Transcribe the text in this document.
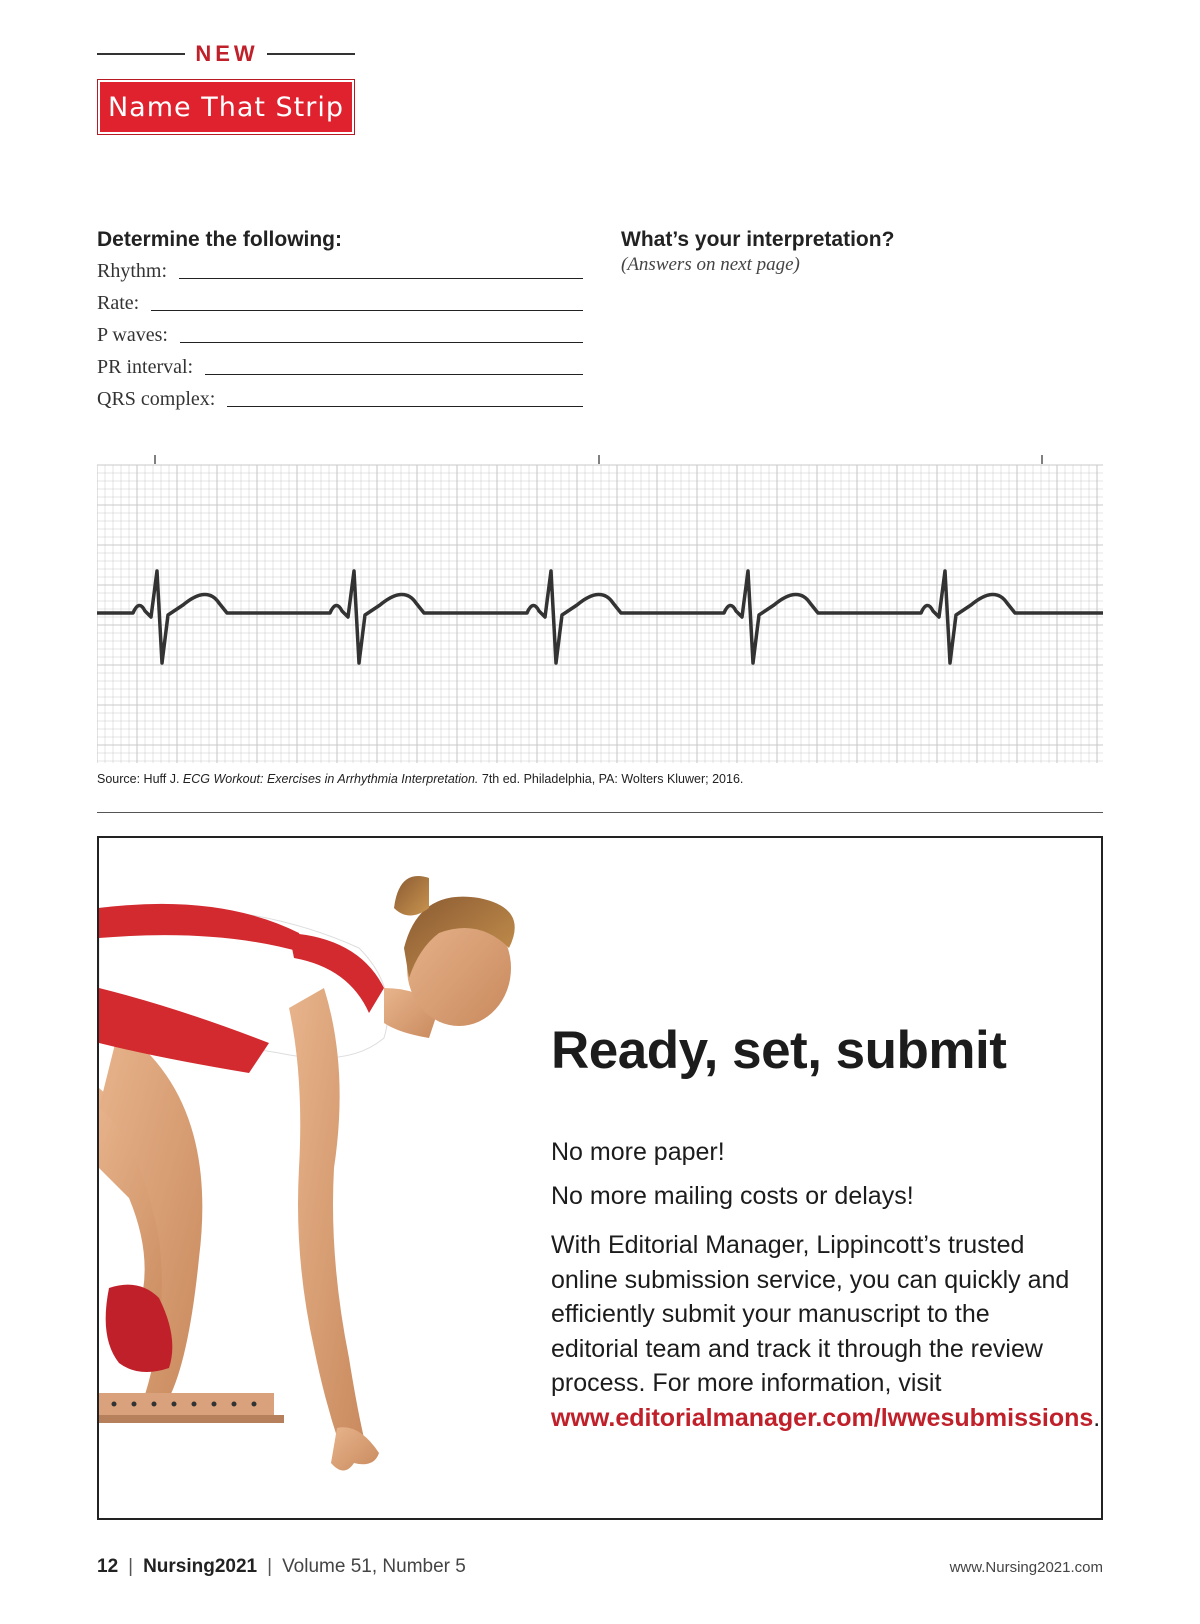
NEW
Name That Strip
Determine the following:
Rhythm:
Rate:
P waves:
PR interval:
QRS complex:
What’s your interpretation?
(Answers on next page)
Source: Huff J. ECG Workout: Exercises in Arrhythmia Interpretation. 7th ed. Philadelphia, PA: Wolters Kluwer; 2016.
Ready, set, submit
No more paper!
No more mailing costs or delays!
With Editorial Manager, Lippincott’s trusted online submission service, you can quickly and efficiently submit your manuscript to the editorial team and track it through the review process. For more information, visit www.editorialmanager.com/lwwesubmissions.
12 | Nursing2021 | Volume 51, Number 5	www.Nursing2021.com
